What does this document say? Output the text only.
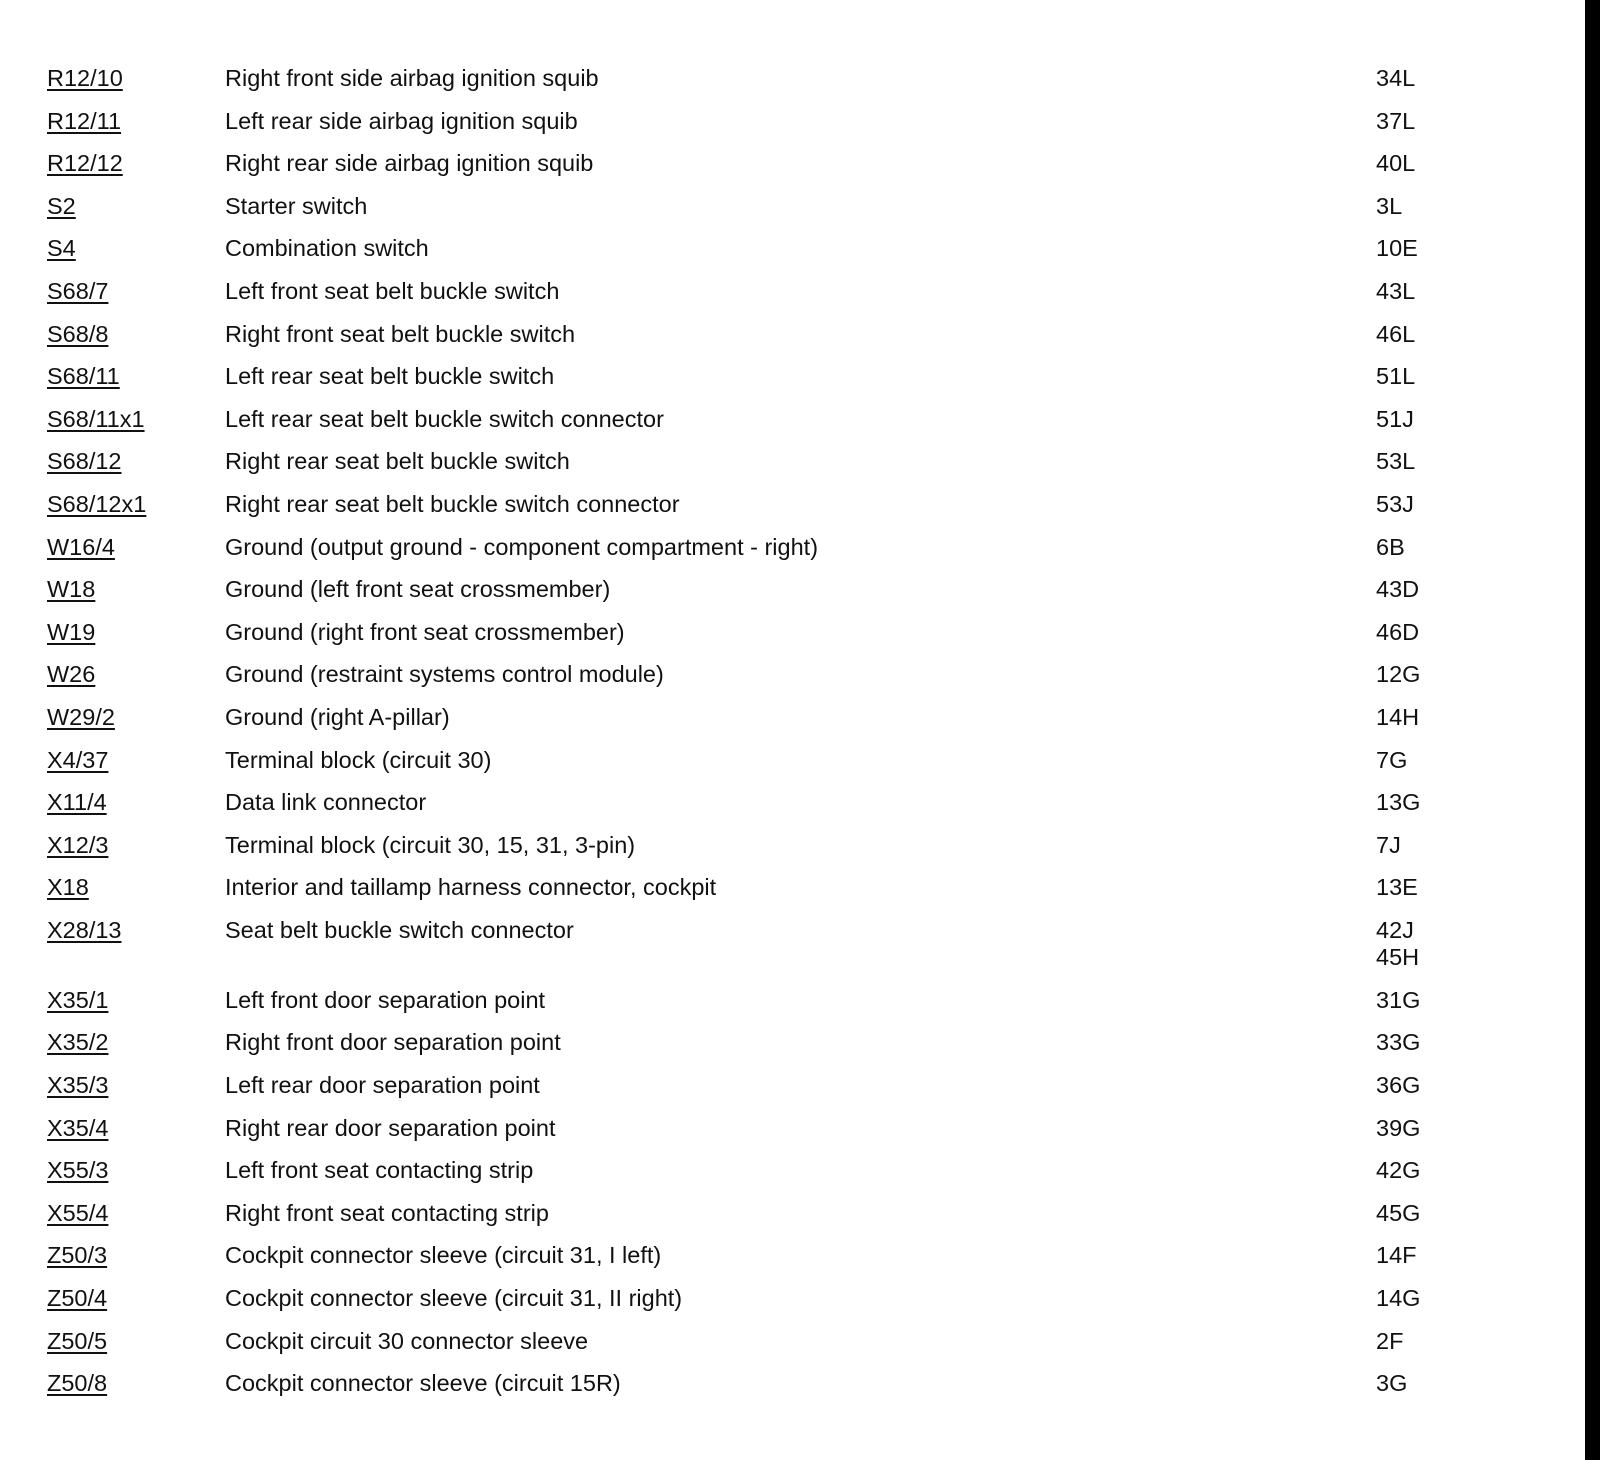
R12/10	Right front side airbag ignition squib	34L
R12/11	Left rear side airbag ignition squib	37L
R12/12	Right rear side airbag ignition squib	40L
S2	Starter switch	3L
S4	Combination switch	10E
S68/7	Left front seat belt buckle switch	43L
S68/8	Right front seat belt buckle switch	46L
S68/11	Left rear seat belt buckle switch	51L
S68/11x1	Left rear seat belt buckle switch connector	51J
S68/12	Right rear seat belt buckle switch	53L
S68/12x1	Right rear seat belt buckle switch connector	53J
W16/4	Ground (output ground - component compartment - right)	6B
W18	Ground (left front seat crossmember)	43D
W19	Ground (right front seat crossmember)	46D
W26	Ground (restraint systems control module)	12G
W29/2	Ground (right A-pillar)	14H
X4/37	Terminal block (circuit 30)	7G
X11/4	Data link connector	13G
X12/3	Terminal block (circuit 30, 15, 31, 3-pin)	7J
X18	Interior and taillamp harness connector, cockpit	13E
X28/13	Seat belt buckle switch connector	42J
45H
X35/1	Left front door separation point	31G
X35/2	Right front door separation point	33G
X35/3	Left rear door separation point	36G
X35/4	Right rear door separation point	39G
X55/3	Left front seat contacting strip	42G
X55/4	Right front seat contacting strip	45G
Z50/3	Cockpit connector sleeve (circuit 31, I left)	14F
Z50/4	Cockpit connector sleeve (circuit 31, II right)	14G
Z50/5	Cockpit circuit 30 connector sleeve	2F
Z50/8	Cockpit connector sleeve (circuit 15R)	3G
